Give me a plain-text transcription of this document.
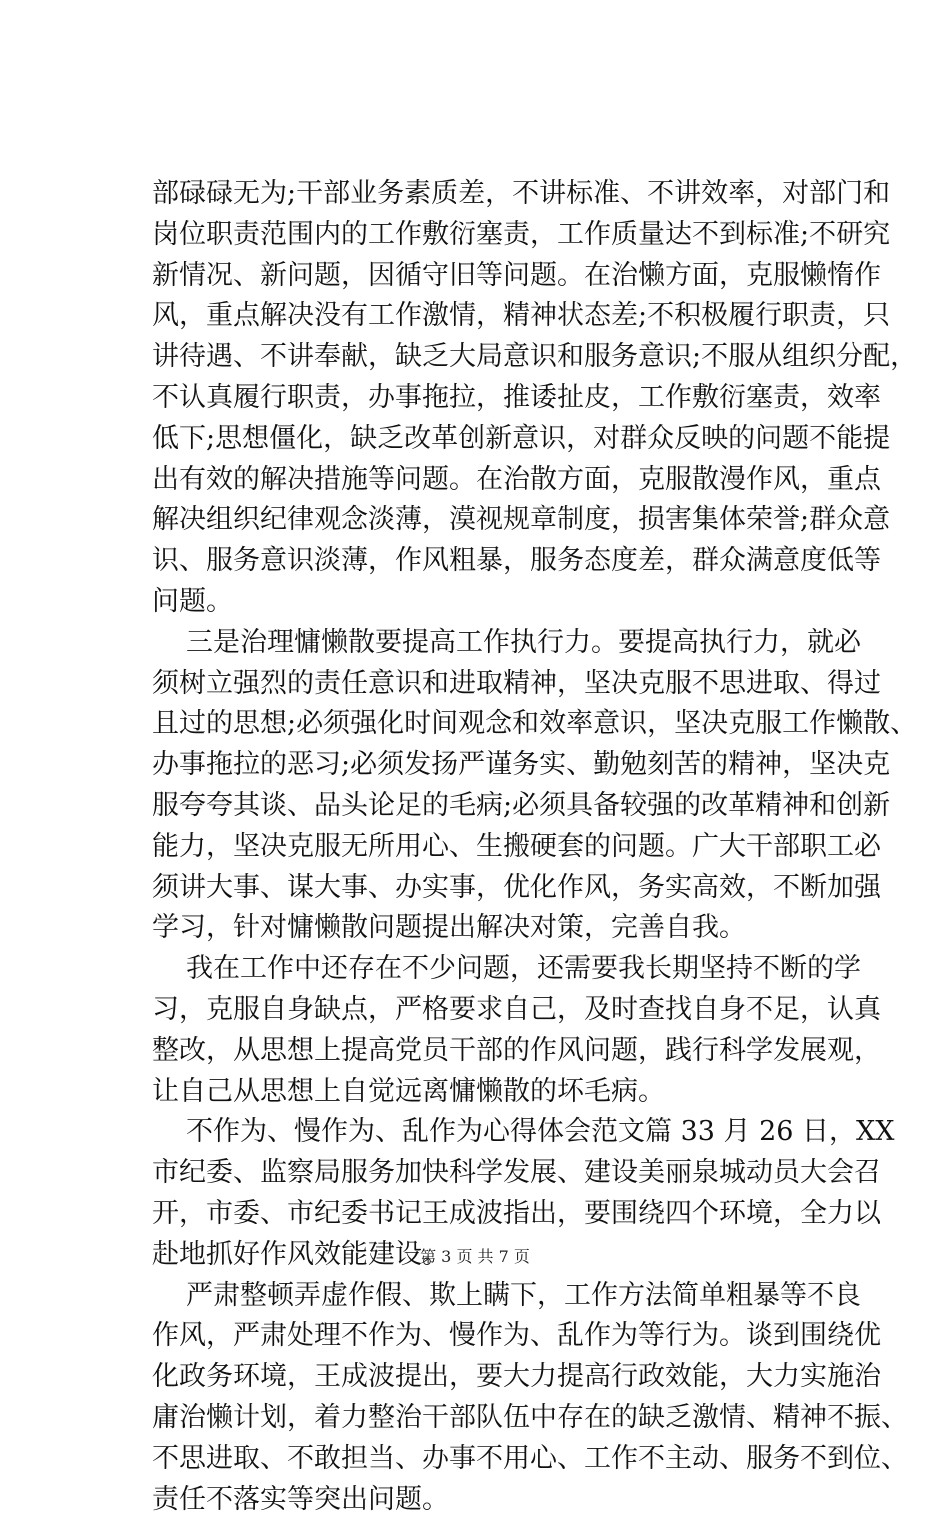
部碌碌无为;干部业务素质差，不讲标准、不讲效率，对部门和
岗位职责范围内的工作敷衍塞责，工作质量达不到标准;不研究
新情况、新问题，因循守旧等问题。在治懒方面，克服懒惰作
风，重点解决没有工作激情，精神状态差;不积极履行职责，只
讲待遇、不讲奉献，缺乏大局意识和服务意识;不服从组织分配，
不认真履行职责，办事拖拉，推诿扯皮，工作敷衍塞责，效率
低下;思想僵化，缺乏改革创新意识，对群众反映的问题不能提
出有效的解决措施等问题。在治散方面，克服散漫作风，重点
解决组织纪律观念淡薄，漠视规章制度，损害集体荣誉;群众意
识、服务意识淡薄，作风粗暴，服务态度差，群众满意度低等
问题。
三是治理慵懒散要提高工作执行力。要提高执行力，就必
须树立强烈的责任意识和进取精神，坚决克服不思进取、得过
且过的思想;必须强化时间观念和效率意识，坚决克服工作懒散、
办事拖拉的恶习;必须发扬严谨务实、勤勉刻苦的精神，坚决克
服夸夸其谈、品头论足的毛病;必须具备较强的改革精神和创新
能力，坚决克服无所用心、生搬硬套的问题。广大干部职工必
须讲大事、谋大事、办实事，优化作风，务实高效，不断加强
学习，针对慵懒散问题提出解决对策，完善自我。
我在工作中还存在不少问题，还需要我长期坚持不断的学
习，克服自身缺点，严格要求自己，及时查找自身不足，认真
整改，从思想上提高党员干部的作风问题，践行科学发展观，
让自己从思想上自觉远离慵懒散的坏毛病。
不作为、慢作为、乱作为心得体会范文篇 33 月 26 日，XX
市纪委、监察局服务加快科学发展、建设美丽泉城动员大会召
开，市委、市纪委书记王成波指出，要围绕四个环境，全力以
赴地抓好作风效能建设。
严肃整顿弄虚作假、欺上瞒下，工作方法简单粗暴等不良
作风，严肃处理不作为、慢作为、乱作为等行为。谈到围绕优
化政务环境，王成波提出，要大力提高行政效能，大力实施治
庸治懒计划，着力整治干部队伍中存在的缺乏激情、精神不振、
不思进取、不敢担当、办事不用心、工作不主动、服务不到位、
责任不落实等突出问题。
第 3 页 共 7 页
